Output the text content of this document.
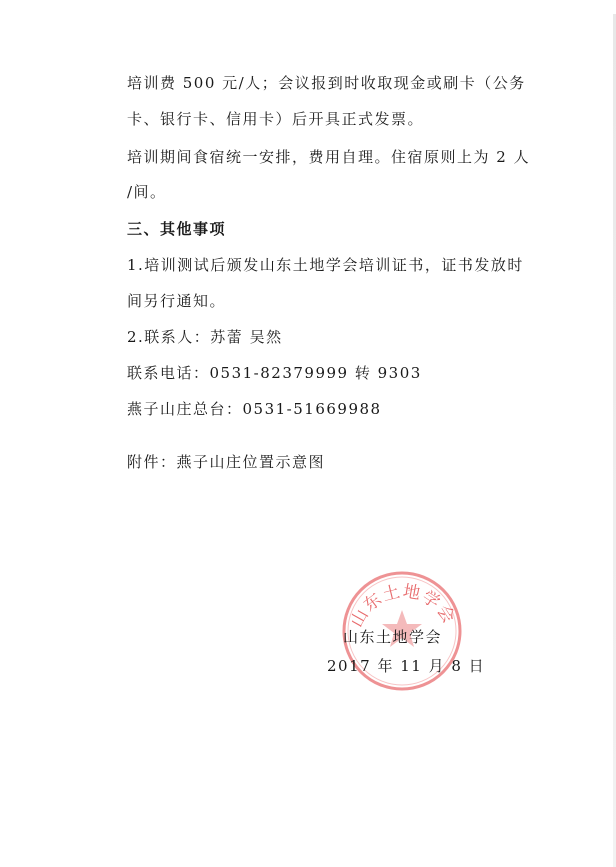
培训费 500 元/人；会议报到时收取现金或刷卡（公务
卡、银行卡、信用卡）后开具正式发票。
培训期间食宿统一安排，费用自理。住宿原则上为 2 人
/间。
三、其他事项
1.培训测试后颁发山东土地学会培训证书，证书发放时
间另行通知。
2.联系人：苏蕾 吴然
联系电话：0531-82379999 转 9303
燕子山庄总台：0531-51669988
附件：燕子山庄位置示意图
山东土地学会
山东土地学会
2017 年 11 月 8 日
